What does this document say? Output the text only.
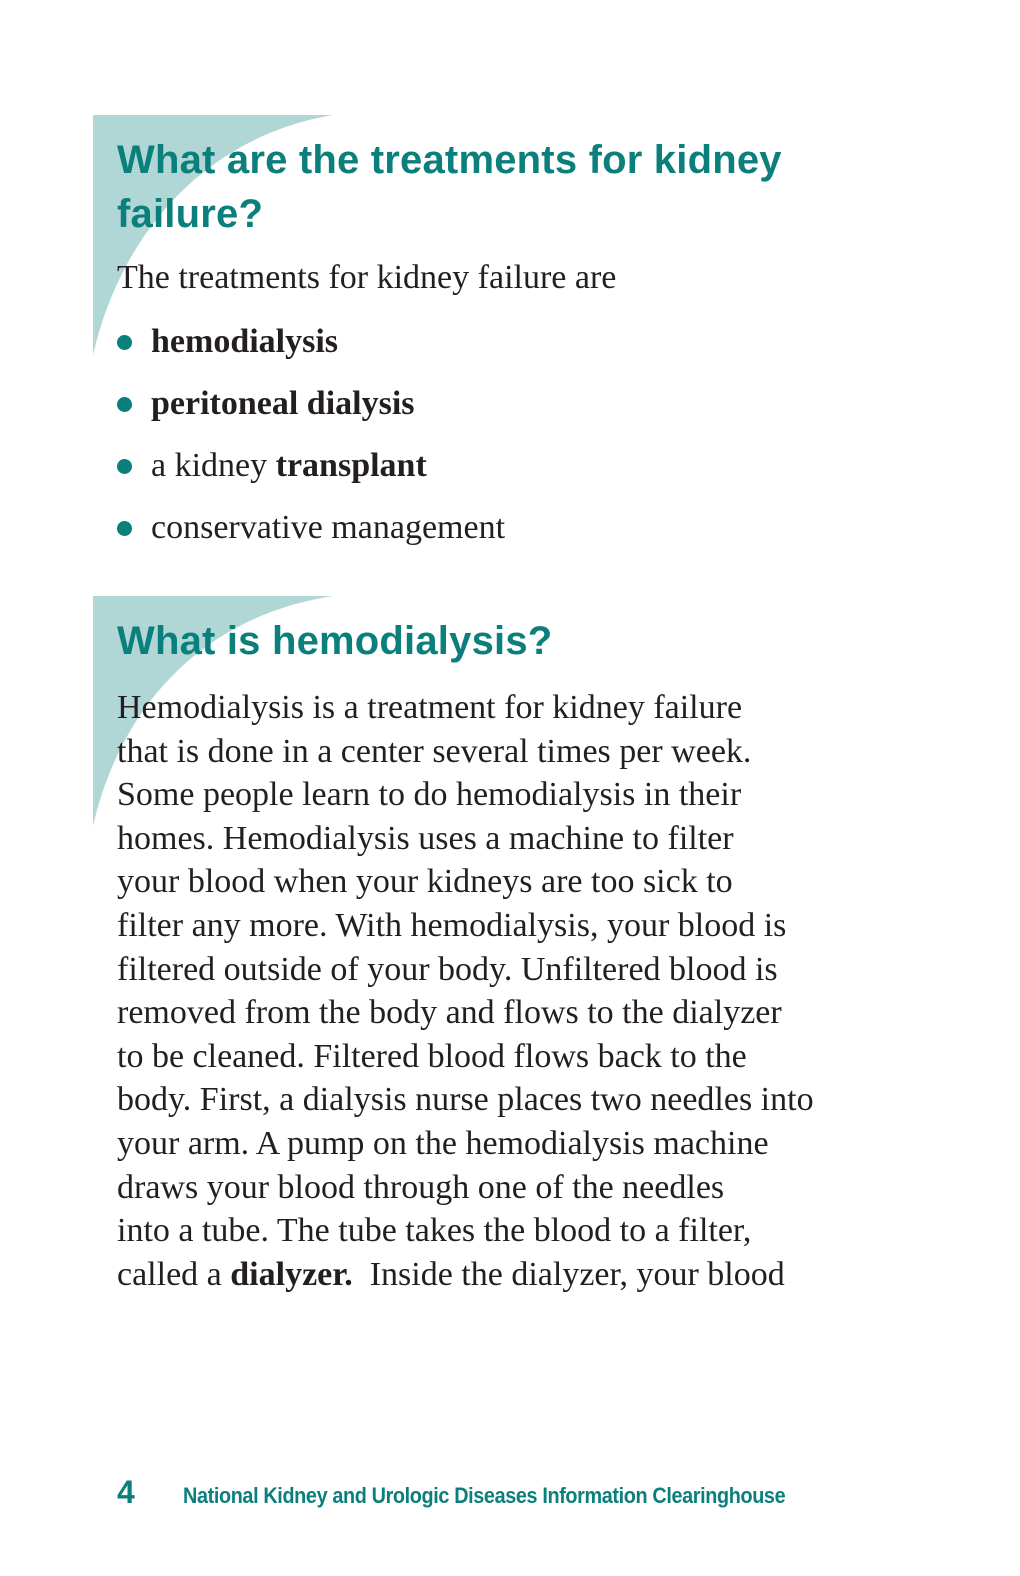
What are the treatments for kidney failure?

The treatments for kidney failure are

hemodialysis
peritoneal dialysis
a kidney transplant
conservative management
What is hemodialysis?
Hemodialysis is a treatment for kidney failure
that is done in a center several times per week.
Some people learn to do hemodialysis in their
homes. Hemodialysis uses a machine to filter
your blood when your kidneys are too sick to
filter any more. With hemodialysis, your blood is
filtered outside of your body. Unfiltered blood is
removed from the body and flows to the dialyzer
to be cleaned. Filtered blood flows back to the
body. First, a dialysis nurse places two needles into
your arm. A pump on the hemodialysis machine
draws your blood through one of the needles
into a tube. The tube takes the blood to a filter,
called a dialyzer.  Inside the dialyzer, your blood
4 National Kidney and Urologic Diseases Information Clearinghouse
